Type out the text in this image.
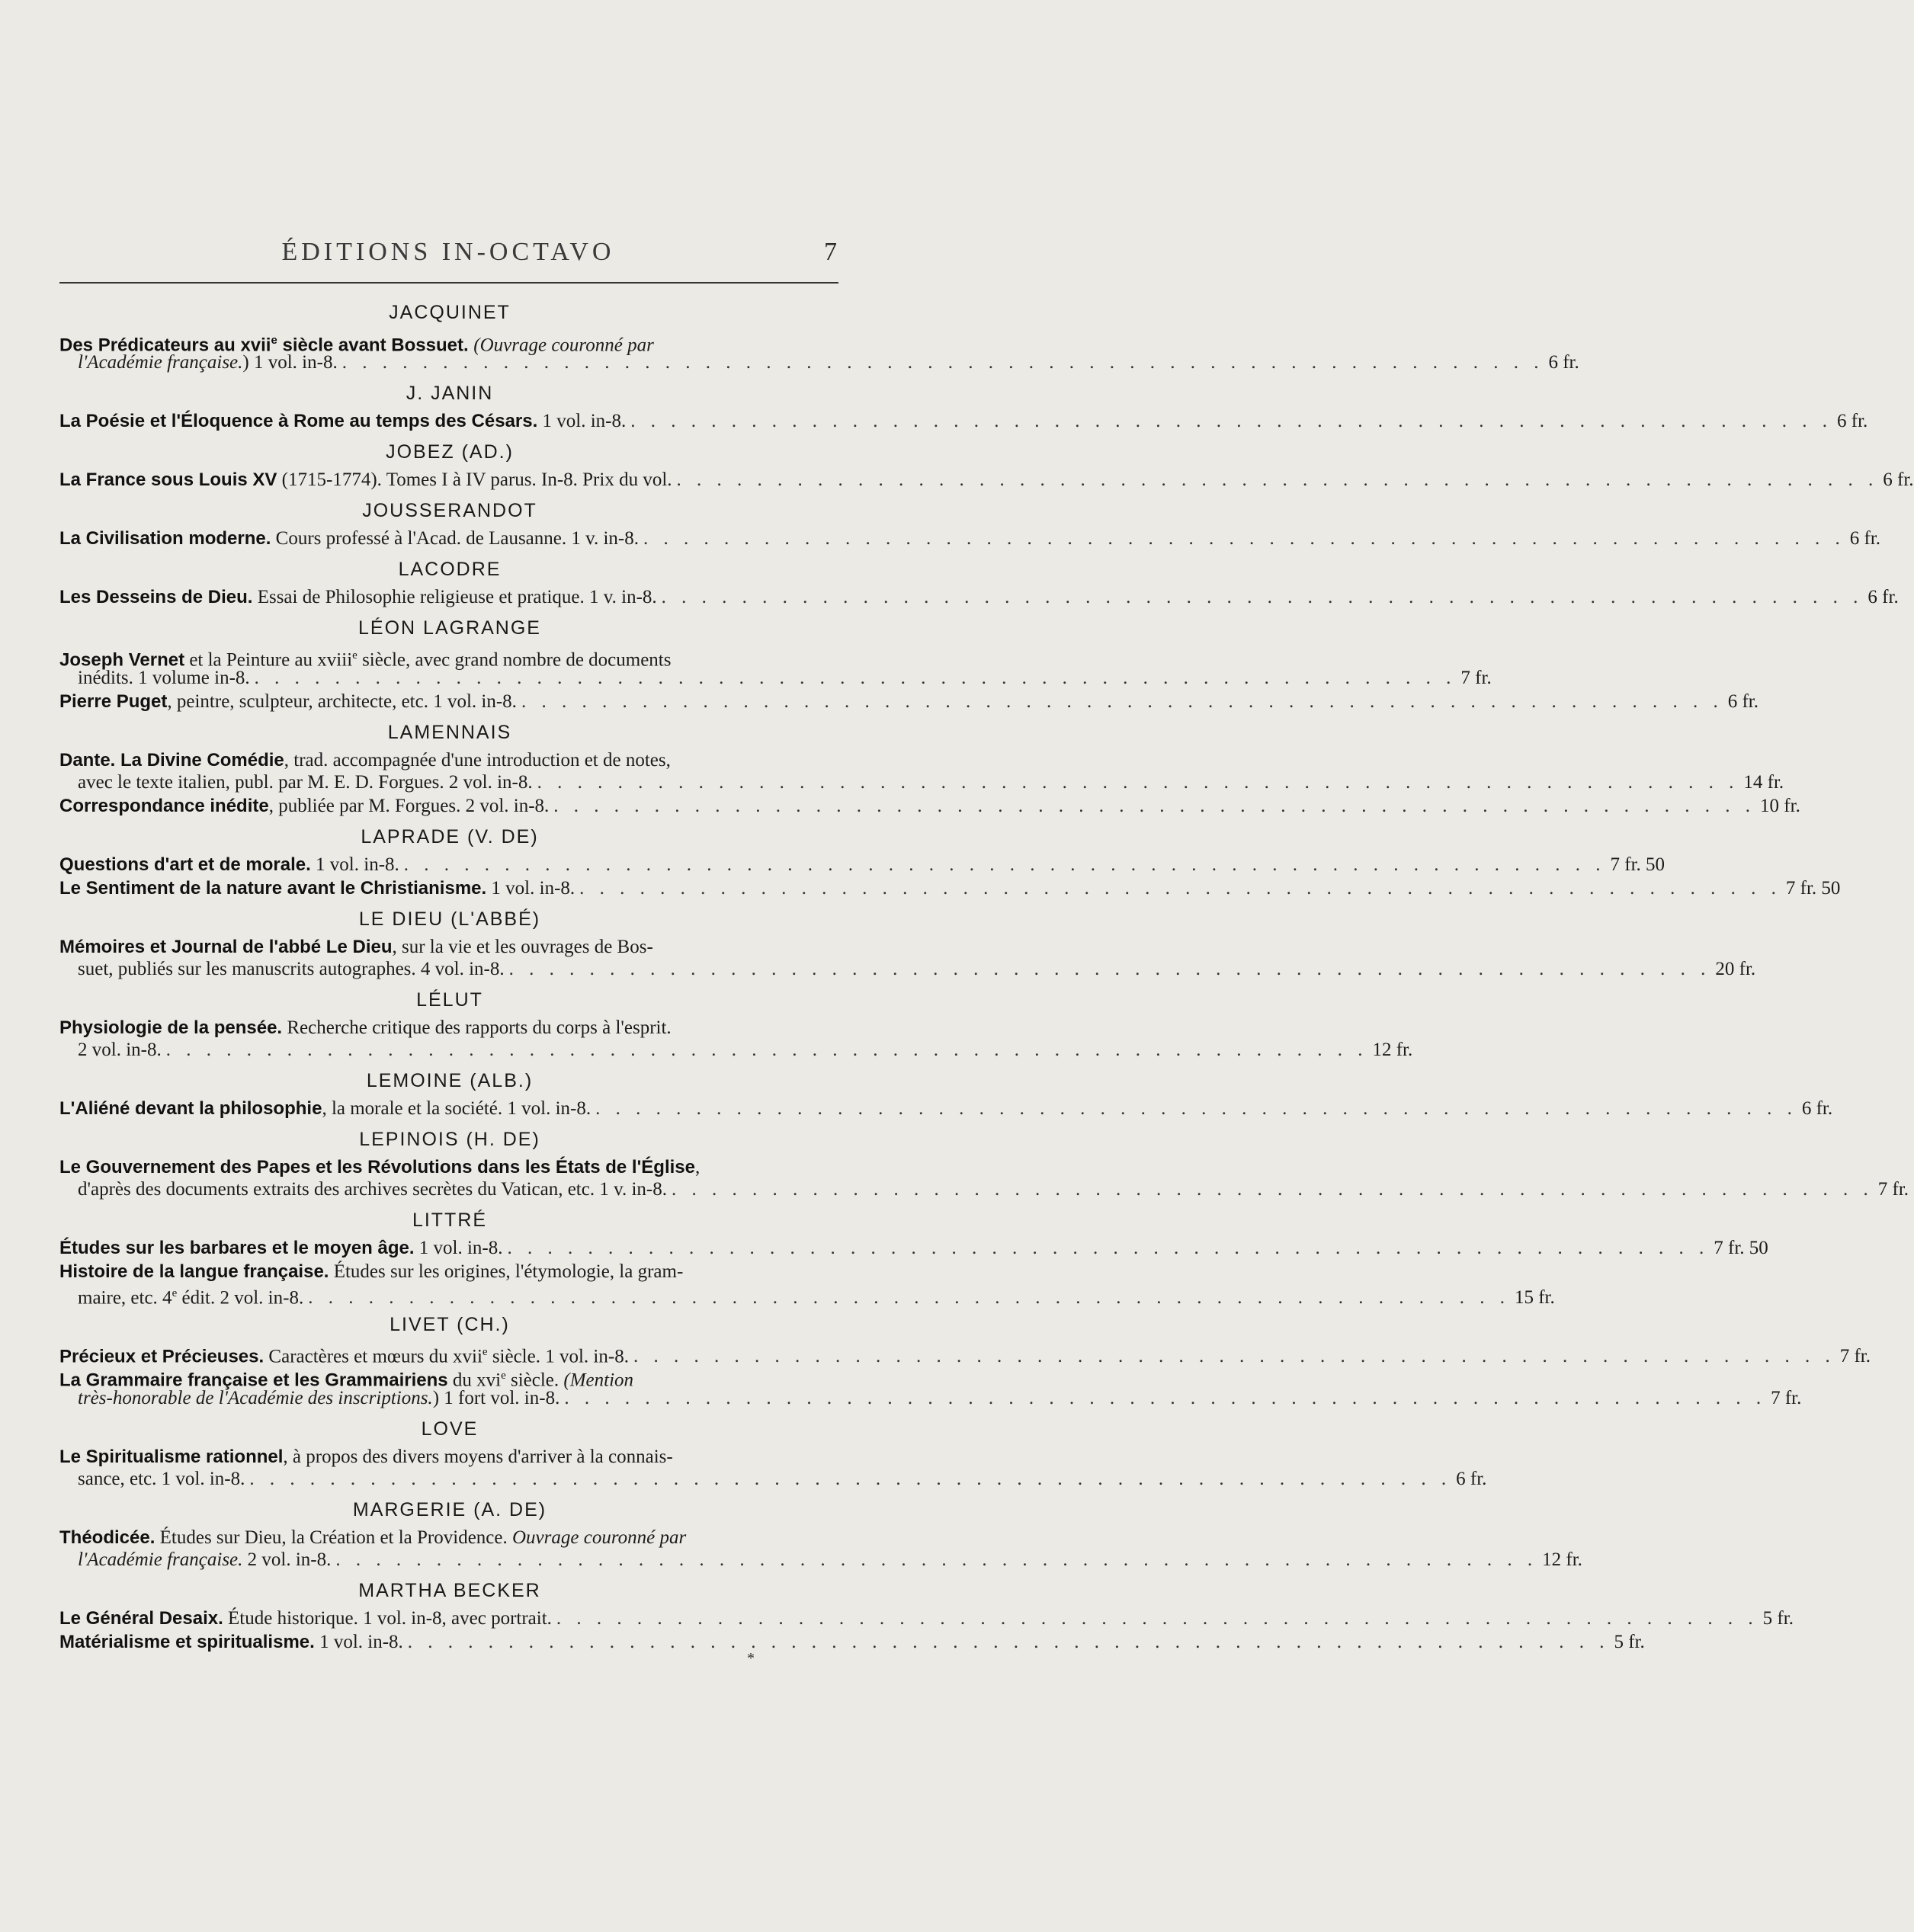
ÉDITIONS IN-OCTAVO	7
JACQUINET
Des Prédicateurs au xvii$^e$ siècle avant Bossuet. (Ouvrage couronné par
l'Académie française.) 1 vol. in-8. . . . . . . . . . . . . . . . . . . . . . . . . . . . . . . . . . . . . . . . . . . . . . . . . . . . . . . . . . . . . 6 fr.
J. JANIN
La Poésie et l'Éloquence à Rome au temps des Césars. 1 vol. in-8. . . . . . . . . . . . . . . . . . . . . . . . . . . . . . . . . . . . . . . . . . . . . . . . . . . . . . . . . . . . . 6 fr.
JOBEZ (AD.)
La France sous Louis XV (1715-1774). Tomes I à IV parus. In-8. Prix du vol. . . . . . . . . . . . . . . . . . . . . . . . . . . . . . . . . . . . . . . . . . . . . . . . . . . . . . . . . . . . . 6 fr.
JOUSSERANDOT
La Civilisation moderne. Cours professé à l'Acad. de Lausanne. 1 v. in-8. . . . . . . . . . . . . . . . . . . . . . . . . . . . . . . . . . . . . . . . . . . . . . . . . . . . . . . . . . . . . 6 fr.
LACODRE
Les Desseins de Dieu. Essai de Philosophie religieuse et pratique. 1 v. in-8. . . . . . . . . . . . . . . . . . . . . . . . . . . . . . . . . . . . . . . . . . . . . . . . . . . . . . . . . . . . . 6 fr.
LÉON LAGRANGE
Joseph Vernet et la Peinture au xviii$^e$ siècle, avec grand nombre de documents
inédits. 1 volume in-8. . . . . . . . . . . . . . . . . . . . . . . . . . . . . . . . . . . . . . . . . . . . . . . . . . . . . . . . . . . . . 7 fr.
Pierre Puget, peintre, sculpteur, architecte, etc. 1 vol. in-8. . . . . . . . . . . . . . . . . . . . . . . . . . . . . . . . . . . . . . . . . . . . . . . . . . . . . . . . . . . . . 6 fr.
LAMENNAIS
Dante. La Divine Comédie, trad. accompagnée d'une introduction et de notes,
avec le texte italien, publ. par M. E. D. Forgues. 2 vol. in-8. . . . . . . . . . . . . . . . . . . . . . . . . . . . . . . . . . . . . . . . . . . . . . . . . . . . . . . . . . . . . 14 fr.
Correspondance inédite, publiée par M. Forgues. 2 vol. in-8. . . . . . . . . . . . . . . . . . . . . . . . . . . . . . . . . . . . . . . . . . . . . . . . . . . . . . . . . . . . . 10 fr.
LAPRADE (V. DE)
Questions d'art et de morale. 1 vol. in-8. . . . . . . . . . . . . . . . . . . . . . . . . . . . . . . . . . . . . . . . . . . . . . . . . . . . . . . . . . . . . 7 fr. 50
Le Sentiment de la nature avant le Christianisme. 1 vol. in-8. . . . . . . . . . . . . . . . . . . . . . . . . . . . . . . . . . . . . . . . . . . . . . . . . . . . . . . . . . . . . 7 fr. 50
LE DIEU (L'ABBÉ)
Mémoires et Journal de l'abbé Le Dieu, sur la vie et les ouvrages de Bos-
suet, publiés sur les manuscrits autographes. 4 vol. in-8. . . . . . . . . . . . . . . . . . . . . . . . . . . . . . . . . . . . . . . . . . . . . . . . . . . . . . . . . . . . . 20 fr.
LÉLUT
Physiologie de la pensée. Recherche critique des rapports du corps à l'esprit.
2 vol. in-8. . . . . . . . . . . . . . . . . . . . . . . . . . . . . . . . . . . . . . . . . . . . . . . . . . . . . . . . . . . . . 12 fr.
LEMOINE (ALB.)
L'Aliéné devant la philosophie, la morale et la société. 1 vol. in-8. . . . . . . . . . . . . . . . . . . . . . . . . . . . . . . . . . . . . . . . . . . . . . . . . . . . . . . . . . . . . 6 fr.
LEPINOIS (H. DE)
Le Gouvernement des Papes et les Révolutions dans les États de l'Église,
d'après des documents extraits des archives secrètes du Vatican, etc. 1 v. in-8. . . . . . . . . . . . . . . . . . . . . . . . . . . . . . . . . . . . . . . . . . . . . . . . . . . . . . . . . . . . . 7 fr.
LITTRÉ
Études sur les barbares et le moyen âge. 1 vol. in-8. . . . . . . . . . . . . . . . . . . . . . . . . . . . . . . . . . . . . . . . . . . . . . . . . . . . . . . . . . . . . 7 fr. 50
Histoire de la langue française. Études sur les origines, l'étymologie, la gram-
maire, etc. 4e édit. 2 vol. in-8. . . . . . . . . . . . . . . . . . . . . . . . . . . . . . . . . . . . . . . . . . . . . . . . . . . . . . . . . . . . . 15 fr.
LIVET (CH.)
Précieux et Précieuses. Caractères et mœurs du xvii$^e$ siècle. 1 vol. in-8. . . . . . . . . . . . . . . . . . . . . . . . . . . . . . . . . . . . . . . . . . . . . . . . . . . . . . . . . . . . . 7 fr.
La Grammaire française et les Grammairiens du xvi$^e$ siècle. (Mention
très-honorable de l'Académie des inscriptions.) 1 fort vol. in-8. . . . . . . . . . . . . . . . . . . . . . . . . . . . . . . . . . . . . . . . . . . . . . . . . . . . . . . . . . . . . 7 fr.
LOVE
Le Spiritualisme rationnel, à propos des divers moyens d'arriver à la connais-
sance, etc. 1 vol. in-8. . . . . . . . . . . . . . . . . . . . . . . . . . . . . . . . . . . . . . . . . . . . . . . . . . . . . . . . . . . . . 6 fr.
MARGERIE (A. DE)
Théodicée. Études sur Dieu, la Création et la Providence. Ouvrage couronné par
l'Académie française. 2 vol. in-8. . . . . . . . . . . . . . . . . . . . . . . . . . . . . . . . . . . . . . . . . . . . . . . . . . . . . . . . . . . . . 12 fr.
MARTHA BECKER
Le Général Desaix. Étude historique. 1 vol. in-8, avec portrait. . . . . . . . . . . . . . . . . . . . . . . . . . . . . . . . . . . . . . . . . . . . . . . . . . . . . . . . . . . . . 5 fr.
Matérialisme et spiritualisme. 1 vol. in-8. . . . . . . . . . . . . . . . . . . . . . . . . . . . . . . . . . . . . . . . . . . . . . . . . . . . . . . . . . . . . 5 fr.
*
